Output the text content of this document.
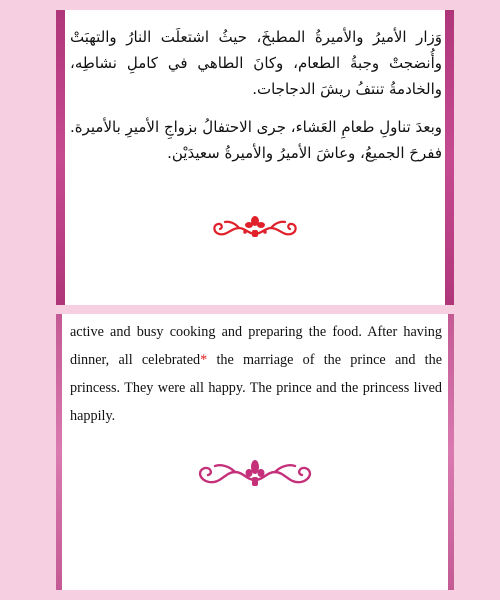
وَزار الأميرُ والأميرةُ المطبخَ، حيثُ اشتعلَت النارُ والتهبَتْ وأُنضجتْ وجبةُ الطعام، وكانَ الطاهي في كاملِ نشاطِه، والخادمةُ تنتفُ ريشَ الدجاجات.

وبعدَ تناولِ طعامِ العَشاء، جرى الاحتفالُ بزواجِ الأميرِ بالأميرة. ففرحَ الجميعُ، وعاشَ الأميرُ والأميرةُ سعيدَيْن.

active and busy cooking and preparing the food. After having dinner, all celebrated* the marriage of the prince and the princess. They were all happy. The prince and the princess lived happily.
